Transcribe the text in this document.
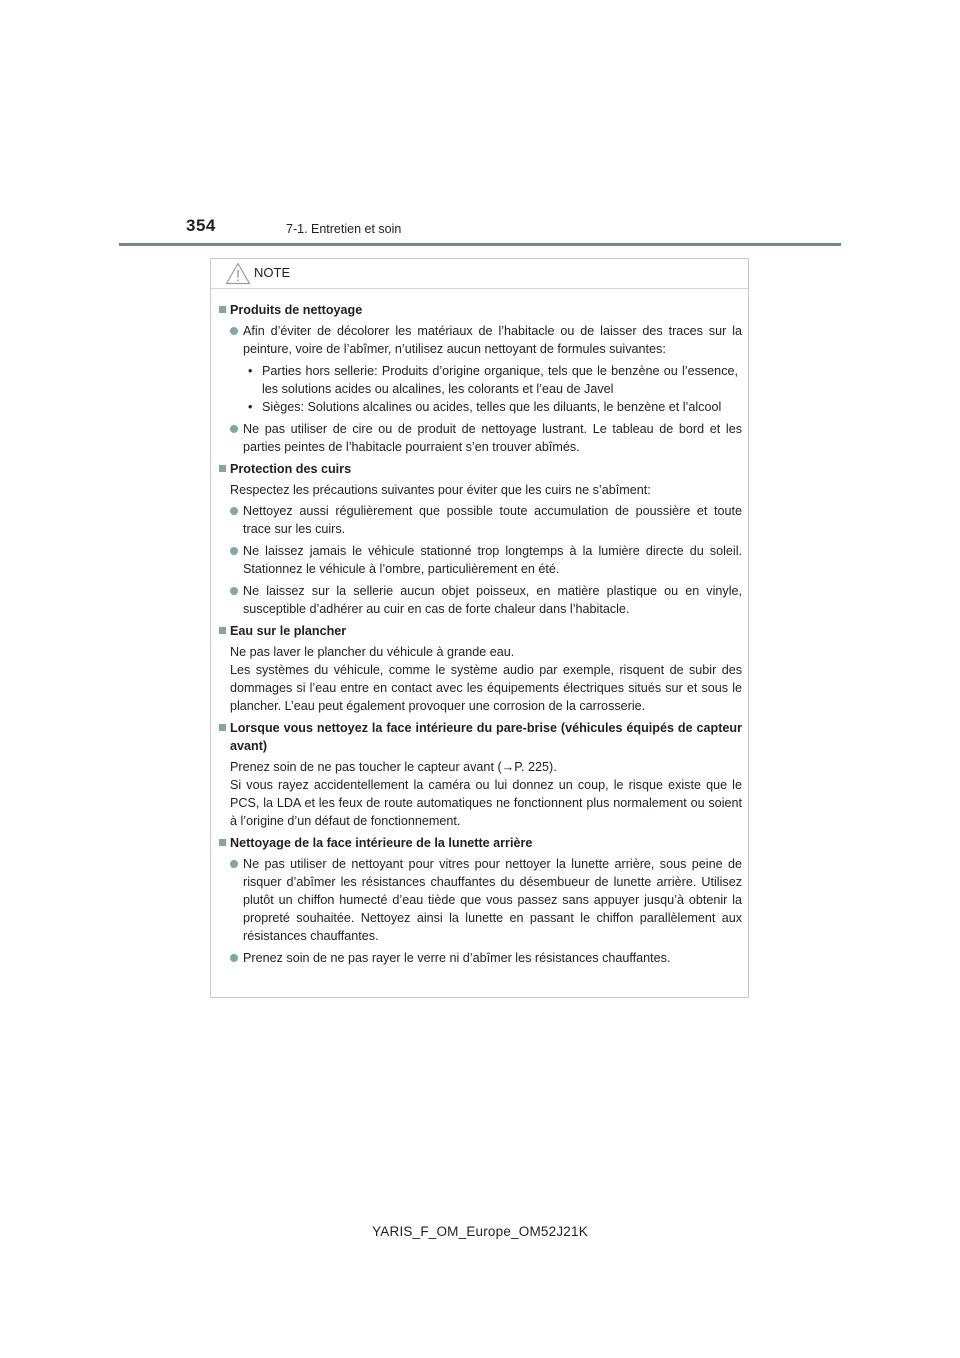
354	7-1. Entretien et soin
NOTE
Produits de nettoyage
Afin d’éviter de décolorer les matériaux de l’habitacle ou de laisser des traces sur la peinture, voire de l’abîmer, n’utilisez aucun nettoyant de formules suivantes:
• Parties hors sellerie: Produits d’origine organique, tels que le benzène ou l’essence, les solutions acides ou alcalines, les colorants et l’eau de Javel
• Sièges: Solutions alcalines ou acides, telles que les diluants, le benzène et l’alcool
Ne pas utiliser de cire ou de produit de nettoyage lustrant. Le tableau de bord et les parties peintes de l’habitacle pourraient s’en trouver abîmés.
Protection des cuirs
Respectez les précautions suivantes pour éviter que les cuirs ne s’abîment:
Nettoyez aussi régulièrement que possible toute accumulation de poussière et toute trace sur les cuirs.
Ne laissez jamais le véhicule stationné trop longtemps à la lumière directe du soleil. Stationnez le véhicule à l’ombre, particulièrement en été.
Ne laissez sur la sellerie aucun objet poisseux, en matière plastique ou en vinyle, susceptible d’adhérer au cuir en cas de forte chaleur dans l’habitacle.
Eau sur le plancher
Ne pas laver le plancher du véhicule à grande eau.
Les systèmes du véhicule, comme le système audio par exemple, risquent de subir des dommages si l’eau entre en contact avec les équipements électriques situés sur et sous le plancher. L’eau peut également provoquer une corrosion de la carrosserie.
Lorsque vous nettoyez la face intérieure du pare-brise (véhicules équipés de capteur avant)
Prenez soin de ne pas toucher le capteur avant (→P. 225).
Si vous rayez accidentellement la caméra ou lui donnez un coup, le risque existe que le PCS, la LDA et les feux de route automatiques ne fonctionnent plus normalement ou soient à l’origine d’un défaut de fonctionnement.
Nettoyage de la face intérieure de la lunette arrière
Ne pas utiliser de nettoyant pour vitres pour nettoyer la lunette arrière, sous peine de risquer d’abîmer les résistances chauffantes du désembueur de lunette arrière. Utilisez plutôt un chiffon humecté d’eau tiède que vous passez sans appuyer jusqu’à obtenir la propreté souhaitée. Nettoyez ainsi la lunette en passant le chiffon parallèlement aux résistances chauffantes.
Prenez soin de ne pas rayer le verre ni d’abîmer les résistances chauffantes.
YARIS_F_OM_Europe_OM52J21K
